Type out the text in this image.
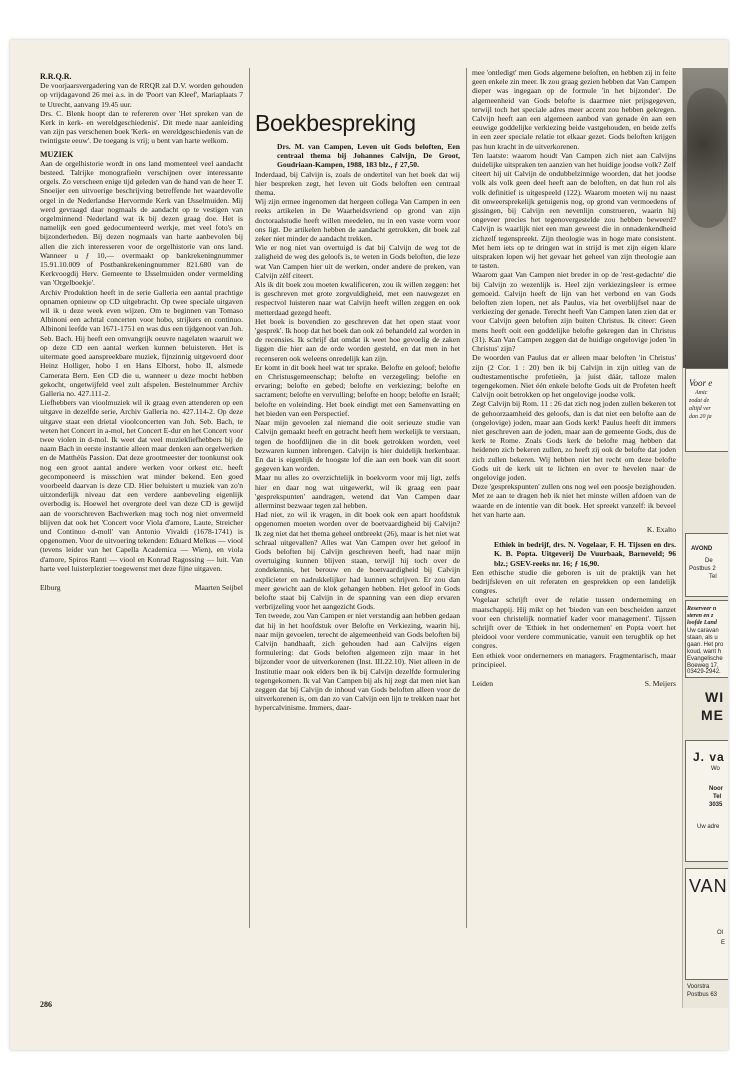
R.R.Q.R.

De voorjaarsvergadering van de RRQR zal D.V. worden gehouden op vrijdagavond 26 mei a.s. in de 'Poort van Kleef', Mariaplaats 7 te Utrecht, aanvang 19.45 uur.

Drs. C. Blenk hoopt dan te refereren over 'Het spreken van de Kerk in kerk- en wereldgeschiedenis'. Dit mede naar aanleiding van zijn pas verschenen boek 'Kerk- en wereldgeschiedenis van de twintigste eeuw'. De toegang is vrij; u bent van harte welkom.

MUZIEK

Aan de orgelhistorie wordt in ons land momenteel veel aandacht besteed. Talrijke monografieën verschijnen over interessante orgels. Zo verscheen enige tijd geleden van de hand van de heer T. Snoeijer een uitvoerige beschrijving betreffende het waardevolle orgel in de Nederlandse Hervormde Kerk van IJsselmuiden. Mij werd gevraagd daar nogmaals de aandacht op te vestigen van orgelminnend Nederland wat ik bij dezen graag doe. Het is namelijk een goed gedocumenteerd werkje, met veel foto's en bijzonderheden. Bij dezen nogmaals van harte aanbevolen bij allen die zich interesseren voor de orgelhistorie van ons land. Wanneer u ƒ 10,— overmaakt op bankrekeningnummer 15.91.10.009 of Postbankrekeningnummer 821.680 van de Kerkvoogdij Herv. Gemeente te IJsselmuiden onder vermelding van 'Orgelboekje'.

Archiv Produktion heeft in de serie Galleria een aantal prachtige opnamen opnieuw op CD uitgebracht. Op twee speciale uitgaven wil ik u deze week even wijzen. Om te beginnen van Tomaso Albinoni een achttal concerten voor hobo, strijkers en continuo. Albinoni leefde van 1671-1751 en was dus een tijdgenoot van Joh. Seb. Bach. Hij heeft een omvangrijk oeuvre nagelaten waaruit we op deze CD een aantal werken kunnen beluisteren. Het is uitermate goed aanspreekbare muziek, fijnzinnig uitgevoerd door Heinz Holliger, hobo I en Hans Elhorst, hobo II, alsmede Camerata Bern. Een CD die u, wanneer u deze mocht hebben gekocht, ongetwijfeld veel zult afspelen. Bestelnummer Archiv Galleria no. 427.111-2.

Liefhebbers van vioolmuziek wil ik graag even attenderen op een uitgave in dezelfde serie, Archiv Galleria no. 427.114-2. Op deze uitgave staat een drietal vioolconcerten van Joh. Seb. Bach, te weten het Concert in a-mol, het Concert E-dur en het Concert voor twee violen in d-mol. Ik weet dat veel muziekliefhebbers bij de naam Bach in eerste instantie alleen maar denken aan orgelwerken en de Matthéüs Passion. Dat deze grootmeester der toonkunst ook nog een groot aantal andere werken voor orkest etc. heeft gecomponeerd is misschien wat minder bekend. Een goed voorbeeld daarvan is deze CD. Hier beluistert u muziek van zo'n uitzonderlijk niveau dat een verdere aanbeveling eigenlijk overbodig is. Hoewel het overgrote deel van deze CD is gewijd aan de voorschreven Bachwerken mag toch nog niet onvermeld blijven dat ook het 'Concert voor Viola d'amore, Laute, Streicher und Continuo d-moll' van Antonio Vivaldi (1678-1741) is opgenomen. Voor de uitvoering tekenden: Eduard Melkus — viool (tevens leider van het Capella Academica — Wien), en viola d'amore, Spiros Ranti — viool en Konrad Ragossing — luit. Van harte veel luisterplezier toegewenst met deze fijne uitgaven.

Elburg	Maarten Seijbel

Boekbespreking

Drs. M. van Campen, Leven uit Gods beloften, Een centraal thema bij Johannes Calvijn, De Groot, Goudriaan-Kampen, 1988, 183 blz., ƒ 27,50.

Inderdaad, bij Calvijn is, zoals de ondertitel van het boek dat wij hier bespreken zegt, het leven uit Gods beloften een centraal thema.

Wij zijn ermee ingenomen dat hergeen collega Van Campen in een reeks artikelen in De Waarheidsvriend op grond van zijn doctoraalstudie heeft willen meedelen, nu in een vaste vorm voor ons ligt. De artikelen hebben de aandacht getrokken, dit boek zal zeker niet minder de aandacht trekken.

Wie er nog niet van overtuigd is dat bij Calvijn de weg tot de zaligheid de weg des geloofs is, te weten in Gods beloften, die leze wat Van Campen hier uit de werken, onder andere de preken, van Calvijn zèlf citeert.

Als ik dit boek zou moeten kwalificeren, zou ik willen zeggen: het is geschreven met grote zorgvuldigheid, met een nauwgezet en respectvol luisteren naar wat Calvijn heeft willen zeggen en ook metterdaad gezegd heeft.

Het boek is bovendien zo geschreven dat het open staat voor 'gesprek'. Ik hoop dat het boek dan ook zó behandeld zal worden in de recensies. Ik schrijf dat omdat ik weet hoe gevoelig de zaken liggen die hier aan de orde worden gesteld, en dat men in het recenseren ook weleens onredelijk kan zijn.

Er komt in dit boek heel wat ter sprake. Belofte en geloof; belofte en Christusgemeenschap; belofte en verzegeling; belofte en ervaring; belofte en gebed; belofte en verkiezing; belofte en sacrament; belofte en vervulling; belofte en hoop; belofte en Israël; belofte en voleinding. Het boek eindigt met een Samenvatting en het bieden van een Perspectief.

Naar mijn gevoelen zal niemand die ooit serieuze studie van Calvijn gemaakt heeft en getracht heeft hem werkelijk te verstaan, tegen de hoofdlijnen die in dit boek getrokken worden, veel bezwaren kunnen inbrengen. Calvijn is hier duidelijk herkenbaar. En dat is eigenlijk de hoogste lof die aan een boek van dit soort gegeven kan worden.

Maar nu alles zo overzichtelijk in boekvorm voor mij ligt, zelfs hier en daar nog wat uitgewerkt, wil ik graag een paar 'gesprekspunten' aandragen, wetend dat Van Campen daar allerminst bezwaar tegen zal hebben.

Had niet, zo wil ik vragen, in dit boek ook een apart hoofdstuk opgenomen moeten worden over de boetvaardigheid bij Calvijn? Ik zeg niet dat het thema geheel ontbreekt (26), maar is het niet wat schraal uitgevallen? Alles wat Van Campen over het geloof in Gods beloften bij Calvijn geschreven heeft, had naar mijn overtuiging kunnen blijven staan, terwijl hij toch over de zondekennis, het berouw en de boetvaardigheid bij Calvijn explicieter en nadrukkelijker had kunnen schrijven. Er zou dan meer gewicht aan de klok gehangen hebben. Het geloof in Gods belofte staat bij Calvijn in de spanning van een diep ervaren verbrijzeling voor het aangezicht Gods.

Ten tweede, zou Van Campen er niet verstandig aan hebben gedaan dat hij in het hoofdstuk over Belofte en Verkiezing, waarin hij, naar mijn gevoelen, terecht de algemeenheid van Gods beloften bij Calvijn handhaaft, zich gehouden had aan Calvijns eigen formulering: dat Gods beloften algemeen zijn maar in het bijzonder voor de uitverkorenen (Inst. III.22.10). Niet alleen in de Institutie maar ook elders ben ik bij Calvijn dezelfde formulering tegengekomen. Ik val Van Campen bij als hij zegt dat men niet kan zeggen dat bij Calvijn de inhoud van Gods beloften alleen voor de uitverkorenen is, om dan zo van Calvijn een lijn te trekken naar het hypercalvinisme. Immers, daar-

mee 'ontledigt' men Gods algemene beloften, en hebben zij in feite geen enkele zin meer. Ik zou graag gezien hebben dat Van Campen dieper was ingegaan op de formule 'in het bijzonder'. De algemeenheid van Gods belofte is daarmee niet prijsgegeven, terwijl toch het speciale adres meer accent zou hebben gekregen. Calvijn heeft aan een algemeen aanbod van genade èn aan een eeuwige goddelijke verkiezing beide vastgehouden, en beide zelfs in een zeer speciale relatie tot elkaar gezet. Gods beloften krijgen pas hun kracht in de uitverkorenen.

Ten laatste: waarom houdt Van Campen zich niet aan Calvijns duidelijke uitspraken ten aanzien van het huidige joodse volk? Zelf citeert hij uit Calvijn de ondubbelzinnige woorden, dat het joodse volk als volk geen deel heeft aan de beloften, en dat hun rol als volk definitief is uitgespeeld (122). Waarom moeten wij nu naast dit onweersprekelijk getuigenis nog, op grond van vermoedens of gissingen, bij Calvijn een nevenlijn construeren, waarin hij ongeveer precies het tegenovergestelde zou hebben beweerd? Calvijn is waarlijk niet een man geweest die in onnadenkendheid zichzelf tegenspreekt. Zijn theologie was in hoge mate consistent. Met hem iets op te dringen wat in strijd is met zijn eigen klare uitspraken lopen wij het gevaar het geheel van zijn theologie aan te tasten.

Waarom gaat Van Campen niet breder in op de 'rest-gedachte' die bij Calvijn zo wezenlijk is. Heel zijn verkiezingsleer is ermee gemoeid. Calvijn heeft de lijn van het verbond en van Gods beloften zien lopen, net als Paulus, via het overblijfsel naar de verkiezing der genade. Terecht heeft Van Campen laten zien dat er voor Calvijn geen beloften zijn buiten Christus. Ik citeer: Geen mens heeft ooit een goddelijke belofte gekregen dan in Christus (31). Kan Van Campen zeggen dat de huidige ongelovige joden 'in Christus' zijn?

De woorden van Paulus dat er alleen maar beloften 'in Christus' zijn (2 Cor. 1 : 20) ben ik bij Calvijn in zijn uitleg van de oudtestamentische profetieën, ja juist dáár, talloze malen tegengekomen. Niet één enkele belofte Gods uit de Profeten heeft Calvijn ooit betrokken op het ongelovige joodse volk.

Zegt Calvijn bij Rom. 11 : 26 dat zich nog joden zullen bekeren tot de gehoorzaamheid des geloofs, dan is dat niet een belofte aan de (ongelovige) joden, maar aan Gods kerk! Paulus heeft dit immers niet geschreven aan de joden, maar aan de gemeente Gods, dus de kerk te Rome. Zoals Gods kerk de belofte mag hebben dat heidenen zich bekeren zullen, zo heeft zij ook de belofte dat joden zich zullen bekeren. Wij hebben niet het recht om deze belofte Gods uit de kerk uit te lichten en over te hevelen naar de ongelovige joden.

Deze 'gesprekspunten' zullen ons nog wel een poosje bezighouden. Met ze aan te dragen heb ik niet het minste willen afdoen van de waarde en de intentie van dit boek. Het spreekt vanzelf: ik beveel het van harte aan.

K. Exalto

Ethiek in bedrijf, drs. N. Vogelaar, F. H. Tijssen en drs. K. B. Popta. Uitgeverij De Vuurbaak, Barneveld; 96 blz.; GSEV-reeks nr. 16; ƒ 16,90.

Een ethische studie die geboren is uit de praktijk van het bedrijfsleven en uit referaten en gesprekken op een landelijk congres.

Vogelaar schrijft over de relatie tussen onderneming en maatschappij. Hij mikt op het 'bieden van een bescheiden aanzet voor een christelijk normatief kader voor management'. Tijssen schrijft over de 'Ethiek in het ondernemen' en Popta voert het pleidooi voor verdere communicatie, vanuit een terugblik op het congres.

Een ethiek voor ondernemers en managers. Fragmentarisch, maar principieel.

Leiden	S. Meijers

286
Voor e
Amic
zodat de
altijd ver
dan 20 ja
AVOND
De
Postbus 2
Tel
Reserveer n
steren en z
loofde Land
Uw caravan
staan, als u
gaan. Het pro
koud, want h
Evangelische
Boeweg 17,
03429-2942.
WI
ME
J. va
Wo
Noor
Tel
3035
Uw adre
VAN
Ol
E
Voorstra
Postbus 63
